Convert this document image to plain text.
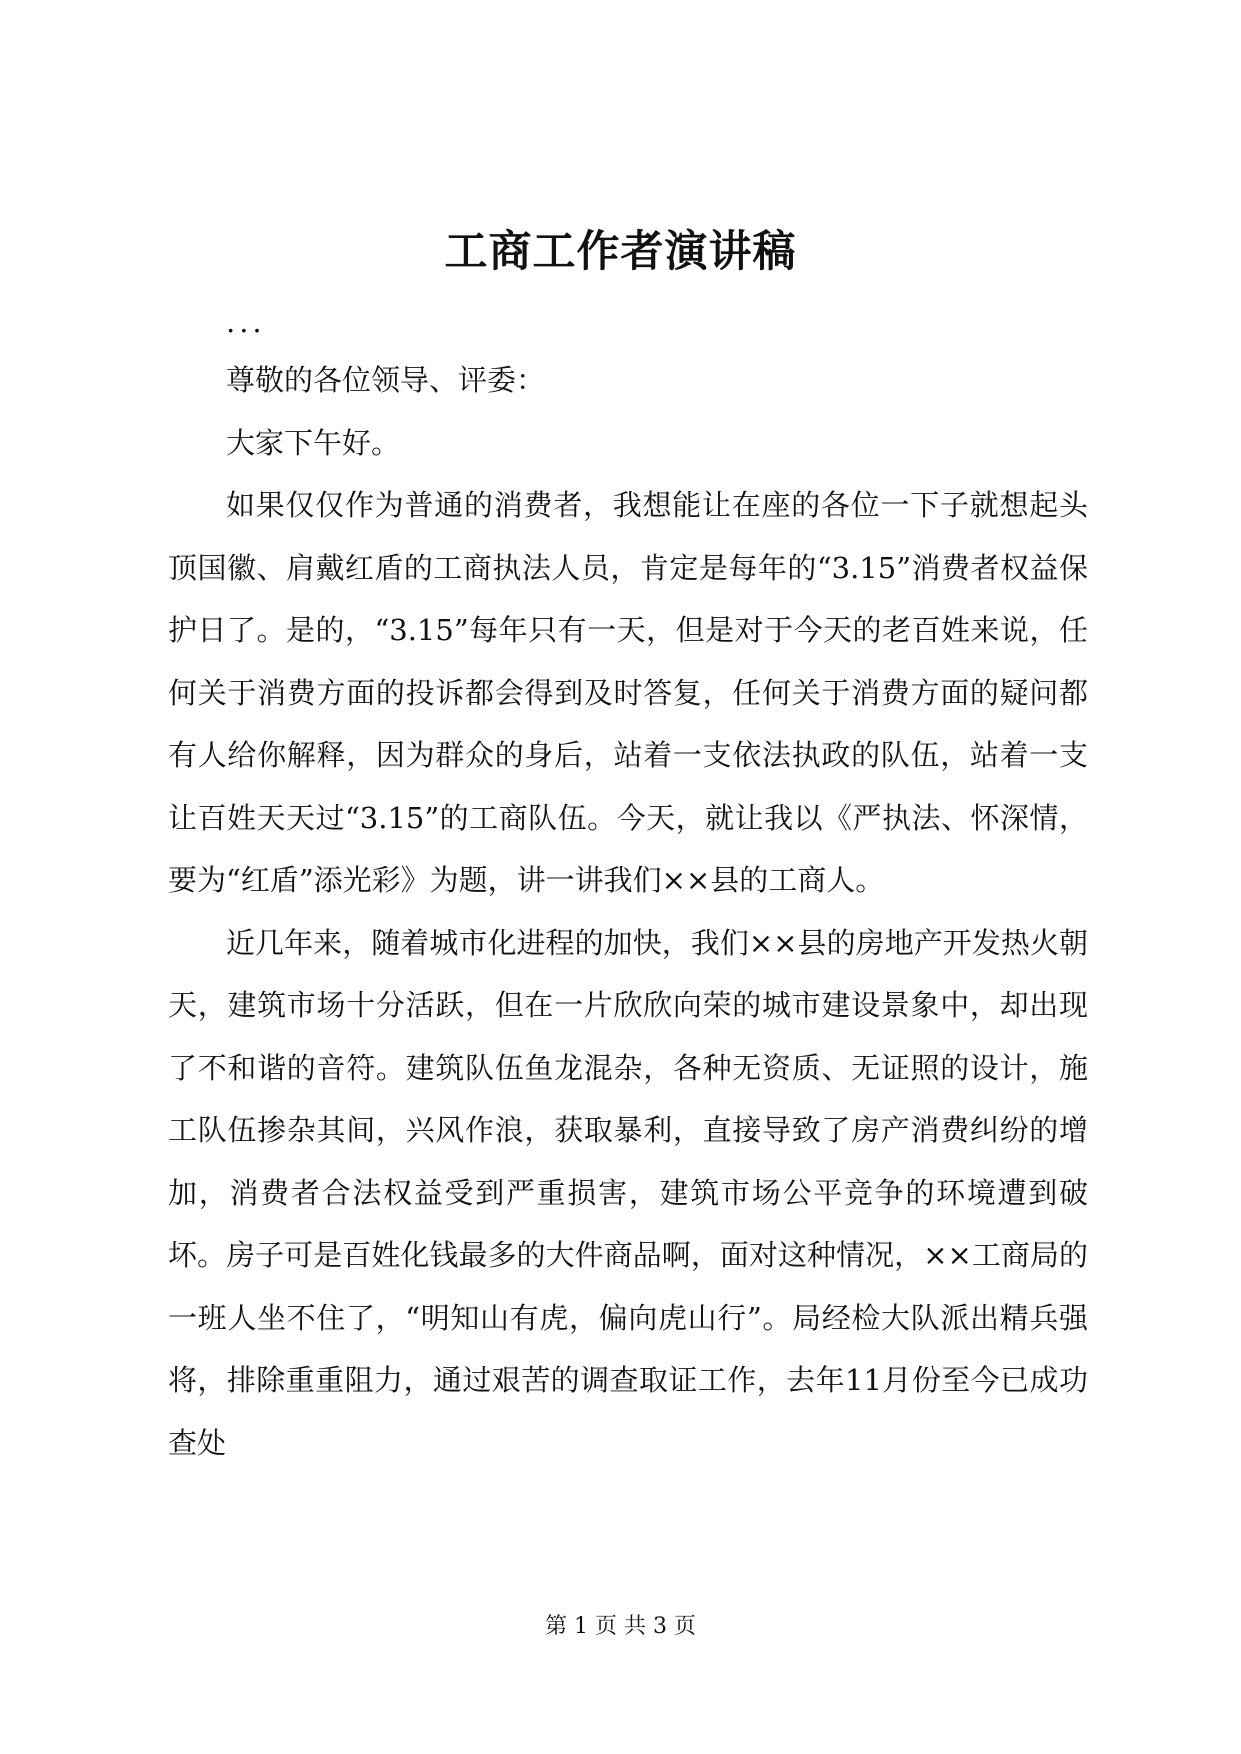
工商工作者演讲稿

...

尊敬的各位领导、评委：

大家下午好。

如果仅仅作为普通的消费者，我想能让在座的各位一下子就想起头顶国徽、肩戴红盾的工商执法人员，肯定是每年的“3.15”消费者权益保护日了。是的，“3.15”每年只有一天，但是对于今天的老百姓来说，任何关于消费方面的投诉都会得到及时答复，任何关于消费方面的疑问都有人给你解释，因为群众的身后，站着一支依法执政的队伍，站着一支让百姓天天过“3.15”的工商队伍。今天，就让我以《严执法、怀深情，要为“红盾”添光彩》为题，讲一讲我们××县的工商人。

近几年来，随着城市化进程的加快，我们××县的房地产开发热火朝天，建筑市场十分活跃，但在一片欣欣向荣的城市建设景象中，却出现了不和谐的音符。建筑队伍鱼龙混杂，各种无资质、无证照的设计，施工队伍掺杂其间，兴风作浪，获取暴利，直接导致了房产消费纠纷的增加，消费者合法权益受到严重损害，建筑市场公平竞争的环境遭到破坏。房子可是百姓化钱最多的大件商品啊，面对这种情况，××工商局的一班人坐不住了，“明知山有虎，偏向虎山行”。局经检大队派出精兵强将，排除重重阻力，通过艰苦的调查取证工作，去年11月份至今已成功查处

第 1 页 共 3 页
